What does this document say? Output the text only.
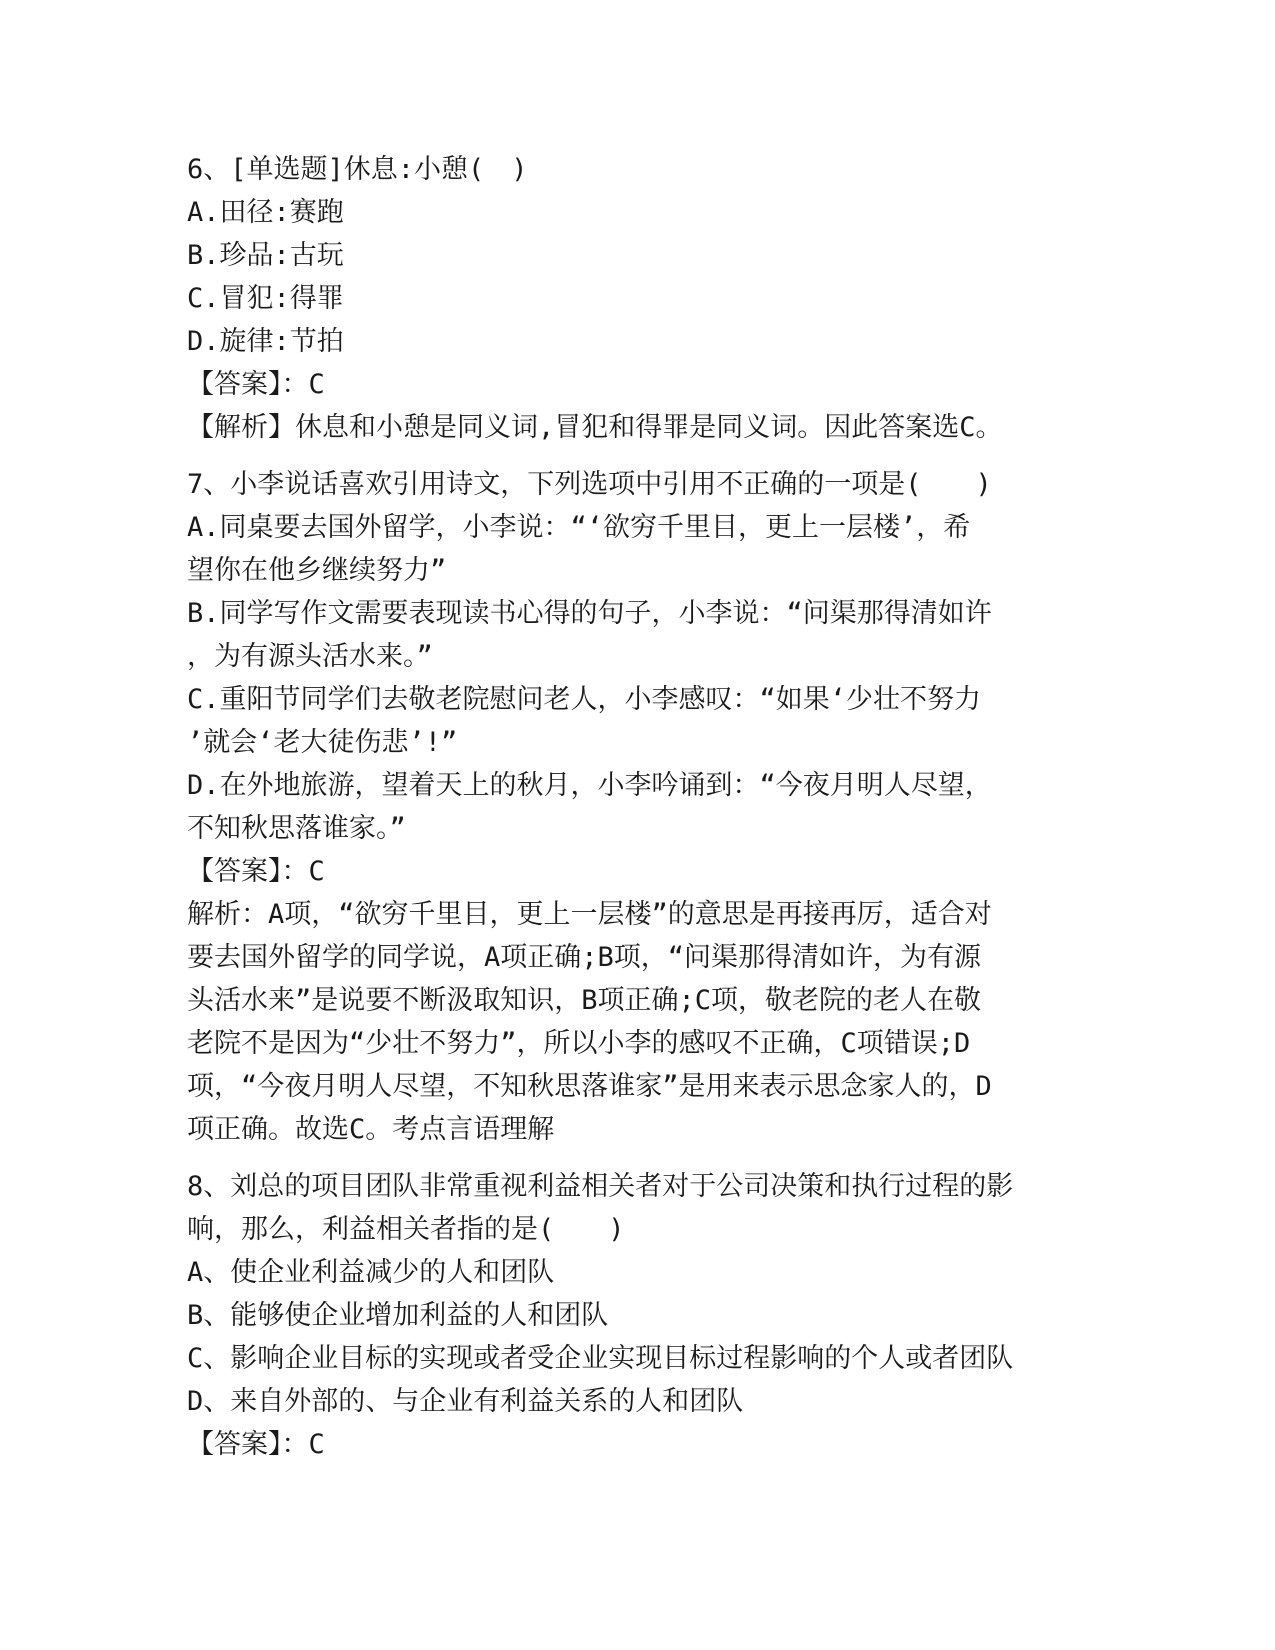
6、[单选题]休息:小憩(　)

A.田径:赛跑

B.珍品:古玩

C.冒犯:得罪

D.旋律:节拍

【答案】：C

【解析】休息和小憩是同义词,冒犯和得罪是同义词。因此答案选C。

7、小李说话喜欢引用诗文，下列选项中引用不正确的一项是(　　)

A.同桌要去国外留学，小李说：“‘欲穷千里目，更上一层楼’，希

望你在他乡继续努力”

B.同学写作文需要表现读书心得的句子，小李说：“问渠那得清如许

，为有源头活水来。”

C.重阳节同学们去敬老院慰问老人，小李感叹：“如果‘少壮不努力

’就会‘老大徒伤悲’!”

D.在外地旅游，望着天上的秋月，小李吟诵到：“今夜月明人尽望，

不知秋思落谁家。”

【答案】：C

解析：A项，“欲穷千里目，更上一层楼”的意思是再接再厉，适合对

要去国外留学的同学说，A项正确;B项，“问渠那得清如许，为有源

头活水来”是说要不断汲取知识，B项正确;C项，敬老院的老人在敬

老院不是因为“少壮不努力”，所以小李的感叹不正确，C项错误;D

项，“今夜月明人尽望，不知秋思落谁家”是用来表示思念家人的，D

项正确。故选C。考点言语理解

8、刘总的项目团队非常重视利益相关者对于公司决策和执行过程的影

响，那么，利益相关者指的是(　　)

A、使企业利益减少的人和团队

B、能够使企业增加利益的人和团队

C、影响企业目标的实现或者受企业实现目标过程影响的个人或者团队

D、来自外部的、与企业有利益关系的人和团队

【答案】：C
